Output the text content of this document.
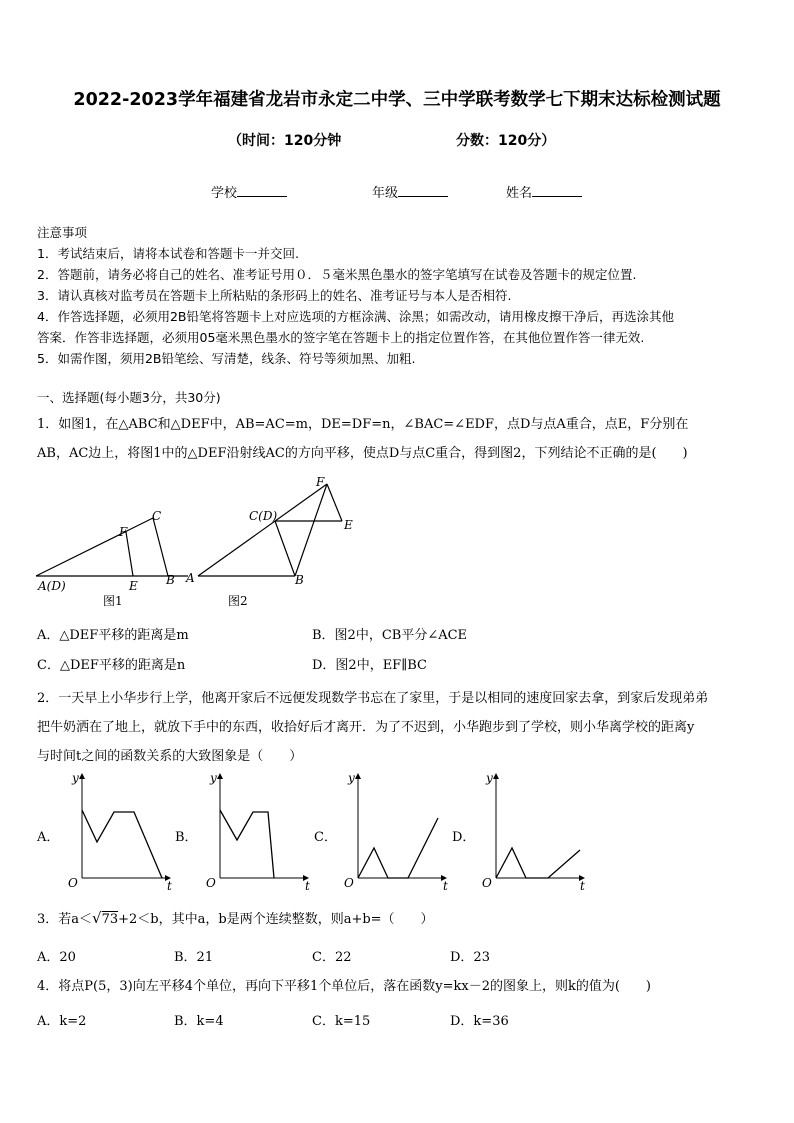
2022-2023学年福建省龙岩市永定二中学、三中学联考数学七下期末达标检测试题
（时间：120分钟	分数：120分）
学校	年级	姓名
注意事项
1．考试结束后，请将本试卷和答题卡一并交回.
2．答题前，请务必将自己的姓名、准考证号用０．５毫米黑色墨水的签字笔填写在试卷及答题卡的规定位置.
3．请认真核对监考员在答题卡上所粘贴的条形码上的姓名、准考证号与本人是否相符.
4．作答选择题，必须用2B铅笔将答题卡上对应选项的方框涂满、涂黑；如需改动，请用橡皮擦干净后，再选涂其他
答案．作答非选择题，必须用05毫米黑色墨水的签字笔在答题卡上的指定位置作答，在其他位置作答一律无效.
5．如需作图，须用2B铅笔绘、写清楚，线条、符号等须加黑、加粗.
一、选择题(每小题3分，共30分)
1．如图1，在△ABC和△DEF中，AB=AC=m，DE=DF=n，∠BAC=∠EDF，点D与点A重合，点E，F分别在
AB，AC边上，将图1中的△DEF沿射线AC的方向平移，使点D与点C重合，得到图2，下列结论不正确的是(　　)
A(D)	E B
F
C
图1
A	B
C(D)
F
E
图2
A．△DEF平移的距离是m	B．图2中，CB平分∠ACE
C．△DEF平移的距离是n	D．图2中，EF∥BC
2．一天早上小华步行上学，他离开家后不远便发现数学书忘在了家里，于是以相同的速度回家去拿，到家后发现弟弟
把牛奶洒在了地上，就放下手中的东西，收拾好后才离开．为了不迟到，小华跑步到了学校，则小华离学校的距离y
与时间t之间的函数关系的大致图象是（　　）
A．
y
t
O
B．
y
t
O
C．
y
t
O
D．
y
t
O
3．若a＜√73+2＜b，其中a，b是两个连续整数，则a+b=（　　）
A．20	B．21	C．22	D．23
4．将点P(5，3)向左平移4个单位，再向下平移1个单位后，落在函数y=kx－2的图象上，则k的值为(　　)
A．k=2	B．k=4	C．k=15	D．k=36
